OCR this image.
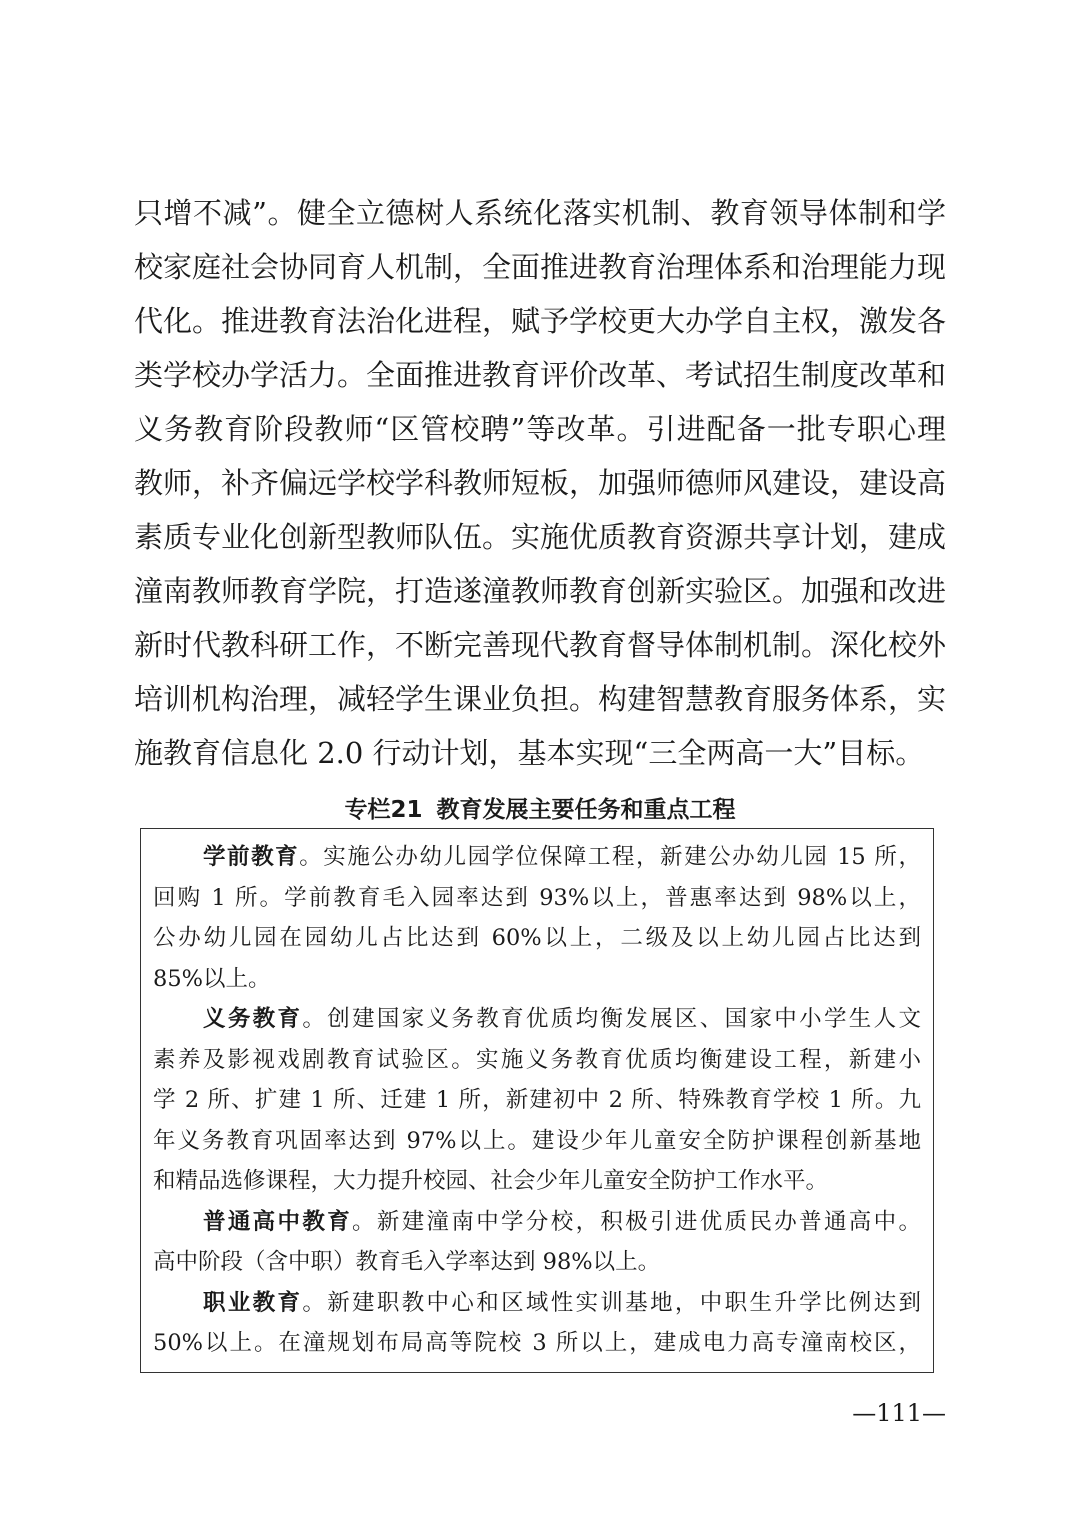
只增不减”。健全立德树人系统化落实机制、教育领导体制和学
校家庭社会协同育人机制，全面推进教育治理体系和治理能力现
代化。推进教育法治化进程，赋予学校更大办学自主权，激发各
类学校办学活力。全面推进教育评价改革、考试招生制度改革和
义务教育阶段教师“区管校聘”等改革。引进配备一批专职心理
教师，补齐偏远学校学科教师短板，加强师德师风建设，建设高
素质专业化创新型教师队伍。实施优质教育资源共享计划，建成
潼南教师教育学院，打造遂潼教师教育创新实验区。加强和改进
新时代教科研工作，不断完善现代教育督导体制机制。深化校外
培训机构治理，减轻学生课业负担。构建智慧教育服务体系，实
施教育信息化 2.0 行动计划，基本实现“三全两高一大”目标。
专栏21 教育发展主要任务和重点工程
学前教育。实施公办幼儿园学位保障工程，新建公办幼儿园 15 所，
回购 1 所。学前教育毛入园率达到 93%以上，普惠率达到 98%以上，
公办幼儿园在园幼儿占比达到 60%以上，二级及以上幼儿园占比达到
85%以上。
义务教育。创建国家义务教育优质均衡发展区、国家中小学生人文
素养及影视戏剧教育试验区。实施义务教育优质均衡建设工程，新建小
学 2 所、扩建 1 所、迁建 1 所，新建初中 2 所、特殊教育学校 1 所。九
年义务教育巩固率达到 97%以上。建设少年儿童安全防护课程创新基地
和精品选修课程，大力提升校园、社会少年儿童安全防护工作水平。
普通高中教育。新建潼南中学分校，积极引进优质民办普通高中。
高中阶段（含中职）教育毛入学率达到 98%以上。
职业教育。新建职教中心和区域性实训基地，中职生升学比例达到
50%以上。在潼规划布局高等院校 3 所以上，建成电力高专潼南校区，
—111—
